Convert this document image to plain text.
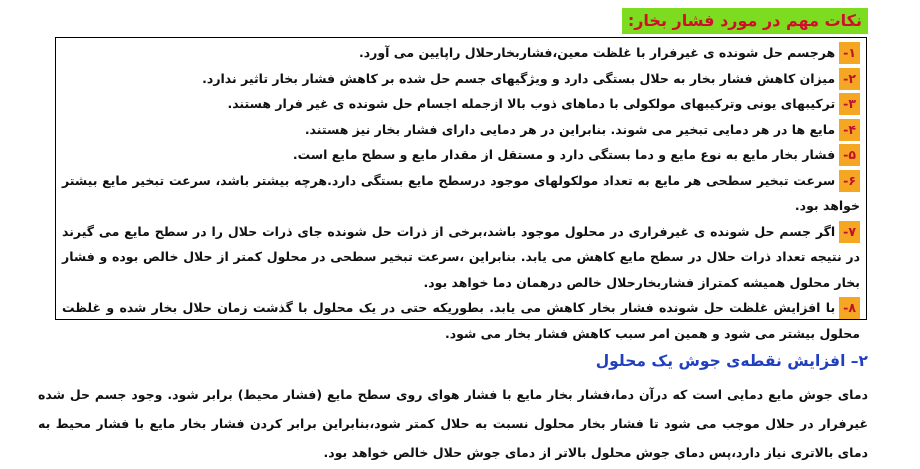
نکات مهم در مورد فشار بخار:
۱-هرجسم حل شونده ی غیرفرار با غلظت معین،فشاربخارحلال راپایین می آورد.
۲-میزان کاهش فشار بخار به حلال بستگی دارد و ویژگیهای جسم حل شده بر کاهش فشار بخار تاثیر ندارد.
۳-ترکیبهای یونی وترکیبهای مولکولی با دماهای ذوب بالا ازجمله اجسام حل شونده ی غیر فرار هستند.
۴-مایع ها در هر دمایی تبخیر می شوند. بنابراین در هر دمایی دارای فشار بخار نیز هستند.
۵-فشار بخار مایع به نوع مایع و دما بستگی دارد و مستقل از مقدار مایع و سطح مایع است.
۶-سرعت تبخیر سطحی هر مایع به تعداد مولکولهای موجود درسطح مایع بستگی دارد.هرچه بیشتر باشد، سرعت تبخیر مایع بیشتر خواهد بود.
۷-اگر جسم حل شونده ی غیرفراری در محلول موجود باشد،برخی از ذرات حل شونده جای ذرات حلال را در سطح مایع می گیرند در نتیجه تعداد ذرات حلال در سطح مایع کاهش می یابد. بنابراین ،سرعت تبخیر سطحی در محلول کمتر از حلال خالص بوده و فشار بخار محلول همیشه کمتراز فشاربخارحلال خالص درهمان دما خواهد بود.
۸-با افزایش غلظت حل شونده فشار بخار کاهش می یابد. بطوریکه حتی در یک محلول با گذشت زمان حلال بخار شده و غلظت محلول بیشتر می شود و همین امر سبب کاهش فشار بخار می شود.
۲– افزایش نقطه‌ی جوش یک محلول
دمای جوش مایع دمایی است که درآن دما،فشار بخار مایع با فشار هوای روی سطح مایع (فشار محیط) برابر شود. وجود جسم حل شده غیرفرار در حلال موجب می شود تا فشار بخار محلول نسبت به حلال کمتر شود،بنابراین برابر کردن فشار بخار مایع با فشار محیط به دمای بالاتری نیاز دارد،پس دمای جوش محلول بالاتر از دمای جوش حلال خالص خواهد بود.
